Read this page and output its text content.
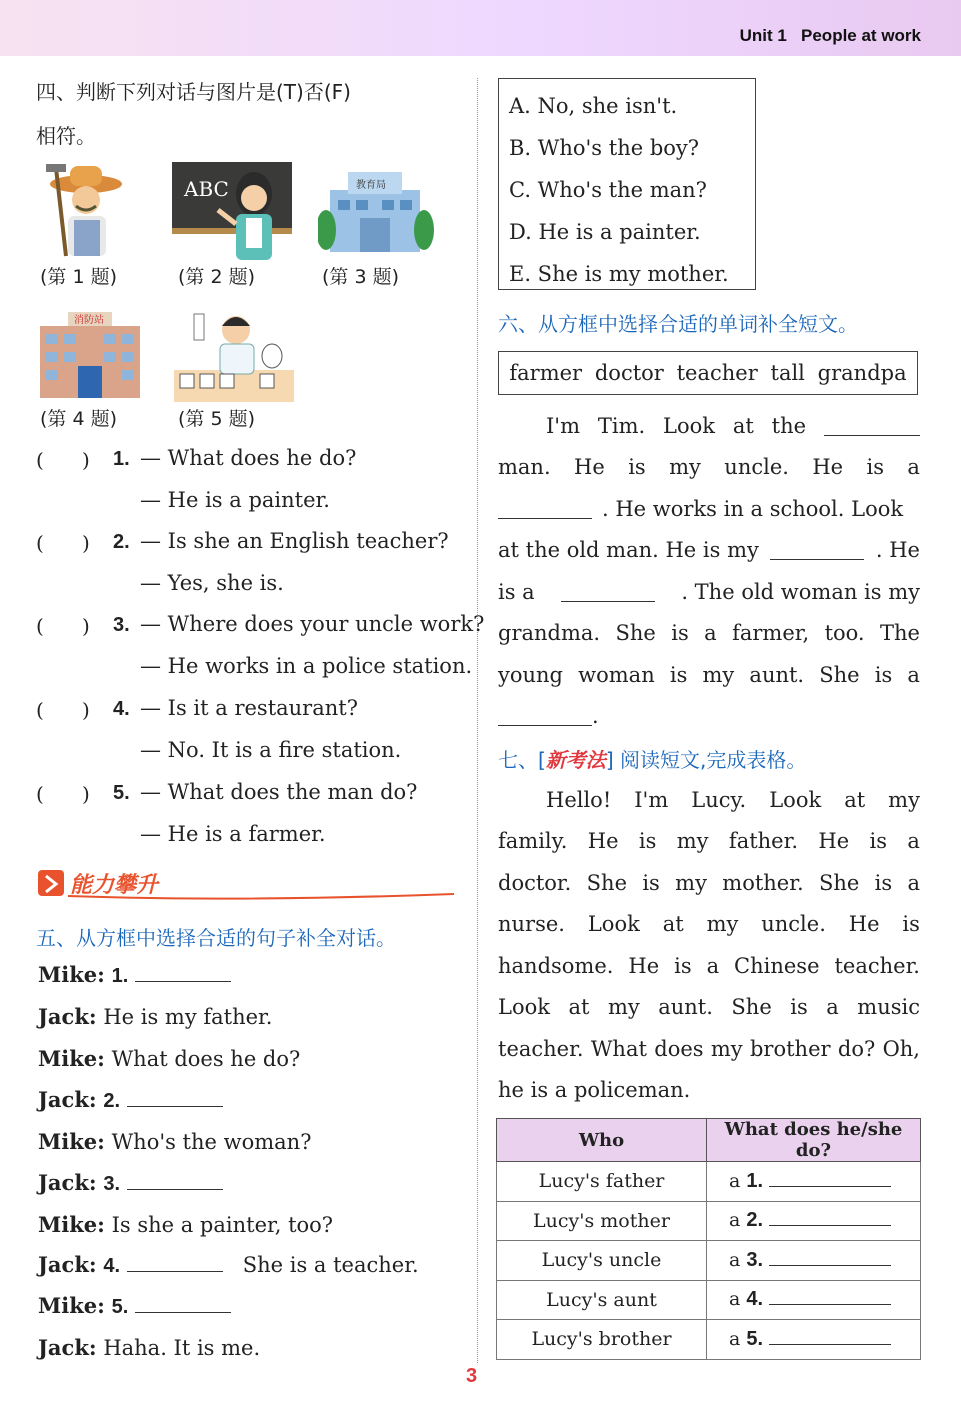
Unit 1 People at work
四、判断下列对话与图片是(T)否(F)
相符。
(第 1 题)
ABC
(第 2 题)
教育局
(第 3 题)
消防站
(第 4 题)	(第 5 题)
(      ) 1. — What does he do?
— He is a painter.
(      ) 2. — Is she an English teacher?
— Yes, she is.
(      ) 3. — Where does your uncle work?
— He works in a police station.
(      ) 4. — Is it a restaurant?
— No. It is a fire station.
(      ) 5. — What does the man do?
— He is a farmer.
能力攀升
五、从方框中选择合适的句子补全对话。
Mike: 1.
Jack: He is my father.
Mike: What does he do?
Jack: 2.
Mike: Who's the woman?
Jack: 3.
Mike: Is she a painter, too?
Jack: 4.	She is a teacher.
Mike: 5.
Jack: Haha. It is me.
A. No, she isn't.
B. Who's the boy?
C. Who's the man?
D. He is a painter.
E. She is my mother.
六、从方框中选择合适的单词补全短文。
farmer doctor teacher tall grandpa
I'm Tim. Look at the
man. He is my uncle. He is a
. He works in a school. Look
at the old man. He is my	. He
is a	. The old woman is my
grandma. She is a farmer, too. The
young woman is my aunt. She is a
.
七、[新考法] 阅读短文,完成表格。
Hello! I'm Lucy. Look at my
family. He is my father. He is a
doctor. She is my mother. She is a
nurse. Look at my uncle. He is
handsome. He is a Chinese teacher.
Look at my aunt. She is a music
teacher. What does my brother do? Oh,
he is a policeman.
Who	What does he/she do?
Lucy's father	a 1.
Lucy's mother	a 2.
Lucy's uncle	a 3.
Lucy's aunt	a 4.
Lucy's brother	a 5.
3
